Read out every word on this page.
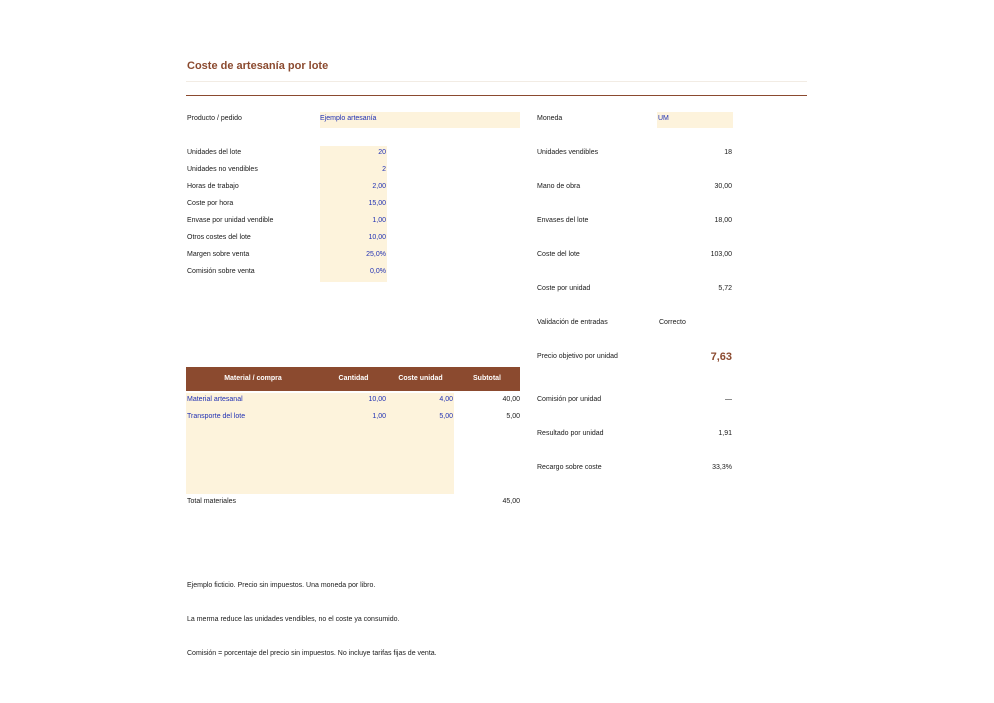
Coste de artesanía por lote
Producto / pedido	Ejemplo artesanía	Moneda	UM
Unidades del lote	20
Unidades no vendibles	2
Horas de trabajo	2,00
Coste por hora	15,00
Envase por unidad vendible	1,00
Otros costes del lote	10,00
Margen sobre venta	25,0%
Comisión sobre venta	0,0%
Unidades vendibles	18
Mano de obra	30,00
Envases del lote	18,00
Coste del lote	103,00
Coste por unidad	5,72
Validación de entradas	Correcto
Precio objetivo por unidad	7,63
Comisión por unidad	—
Resultado por unidad	1,91
Recargo sobre coste	33,3%
Material / compra	Cantidad	Coste unidad	Subtotal
Material artesanal	10,00	4,00	40,00
Transporte del lote	1,00	5,00	5,00
Total materiales	45,00
Ejemplo ficticio. Precio sin impuestos. Una moneda por libro.
La merma reduce las unidades vendibles, no el coste ya consumido.
Comisión = porcentaje del precio sin impuestos. No incluye tarifas fijas de venta.
